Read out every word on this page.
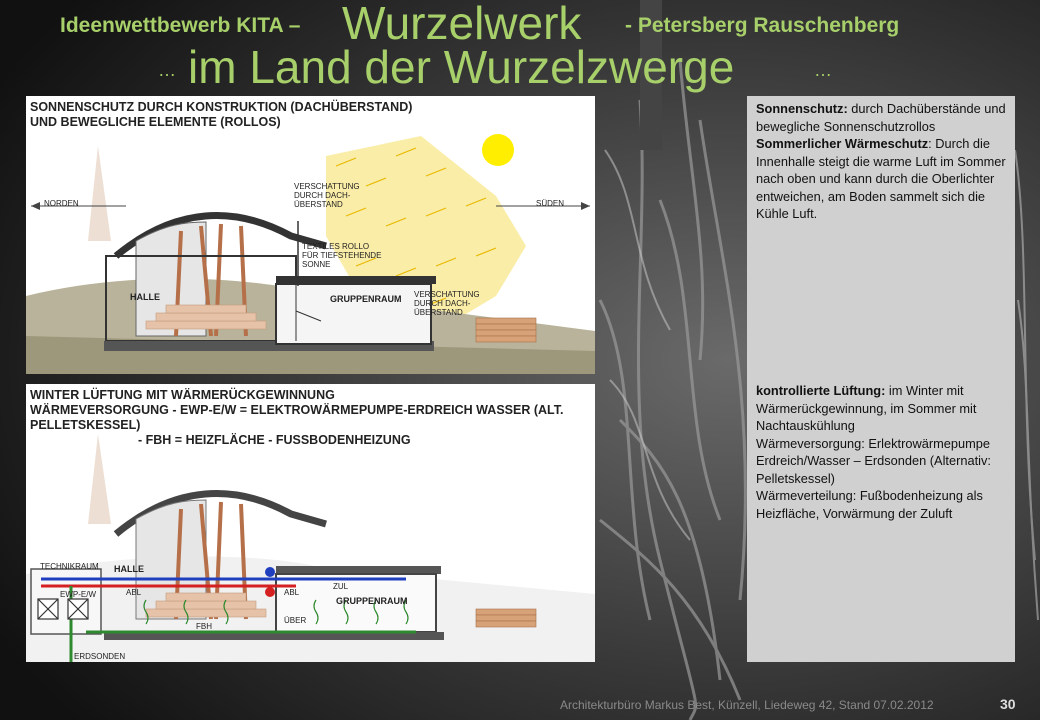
Ideenwettbewerb KITA – Wurzelwerk - Petersberg Rauschenberg
… im Land der Wurzelzwerge	…
SONNENSCHUTZ DURCH KONSTRUKTION (DACHÜBERSTAND)
UND BEWEGLICHE ELEMENTE (ROLLOS)
NORDEN	SÜDEN
VERSCHATTUNG
DURCH DACH-
ÜBERSTAND
TEXTILES ROLLO
FÜR TIEFSTEHENDE
SONNE
HALLE	GRUPPENRAUM VERSCHATTUNG
DURCH DACH-
ÜBERSTAND
WINTER LÜFTUNG MIT WÄRMERÜCKGEWINNUNG
WÄRMEVERSORGUNG - EWP-E/W = ELEKTROWÄRMEPUMPE-ERDREICH WASSER (ALT. PELLETSKESSEL)
- FBH = HEIZFLÄCHE - FUSSBODENHEIZUNG
TECHNIKRAUM
EWP-E/W
HALLE
ABL	ABL
ZUL
GRUPPENRAUM
FBH
ÜBER
ERDSONDEN
Sonnenschutz: durch Dachüberstände und bewegliche Sonnenschutzrollos
Sommerlicher Wärmeschutz: Durch die Innenhalle steigt die warme Luft im Sommer nach oben und kann durch die Oberlichter entweichen, am Boden sammelt sich die Kühle Luft.
kontrollierte Lüftung: im Winter mit Wärmerückgewinnung, im Sommer mit Nachtauskühlung
Wärmeversorgung: Erlektrowärmepumpe Erdreich/Wasser – Erdsonden (Alternativ: Pelletskessel)
Wärmeverteilung: Fußbodenheizung als Heizfläche, Vorwärmung der Zuluft
Architekturbüro Markus Best, Künzell, Liedeweg 42, Stand 07.02.2012	30
